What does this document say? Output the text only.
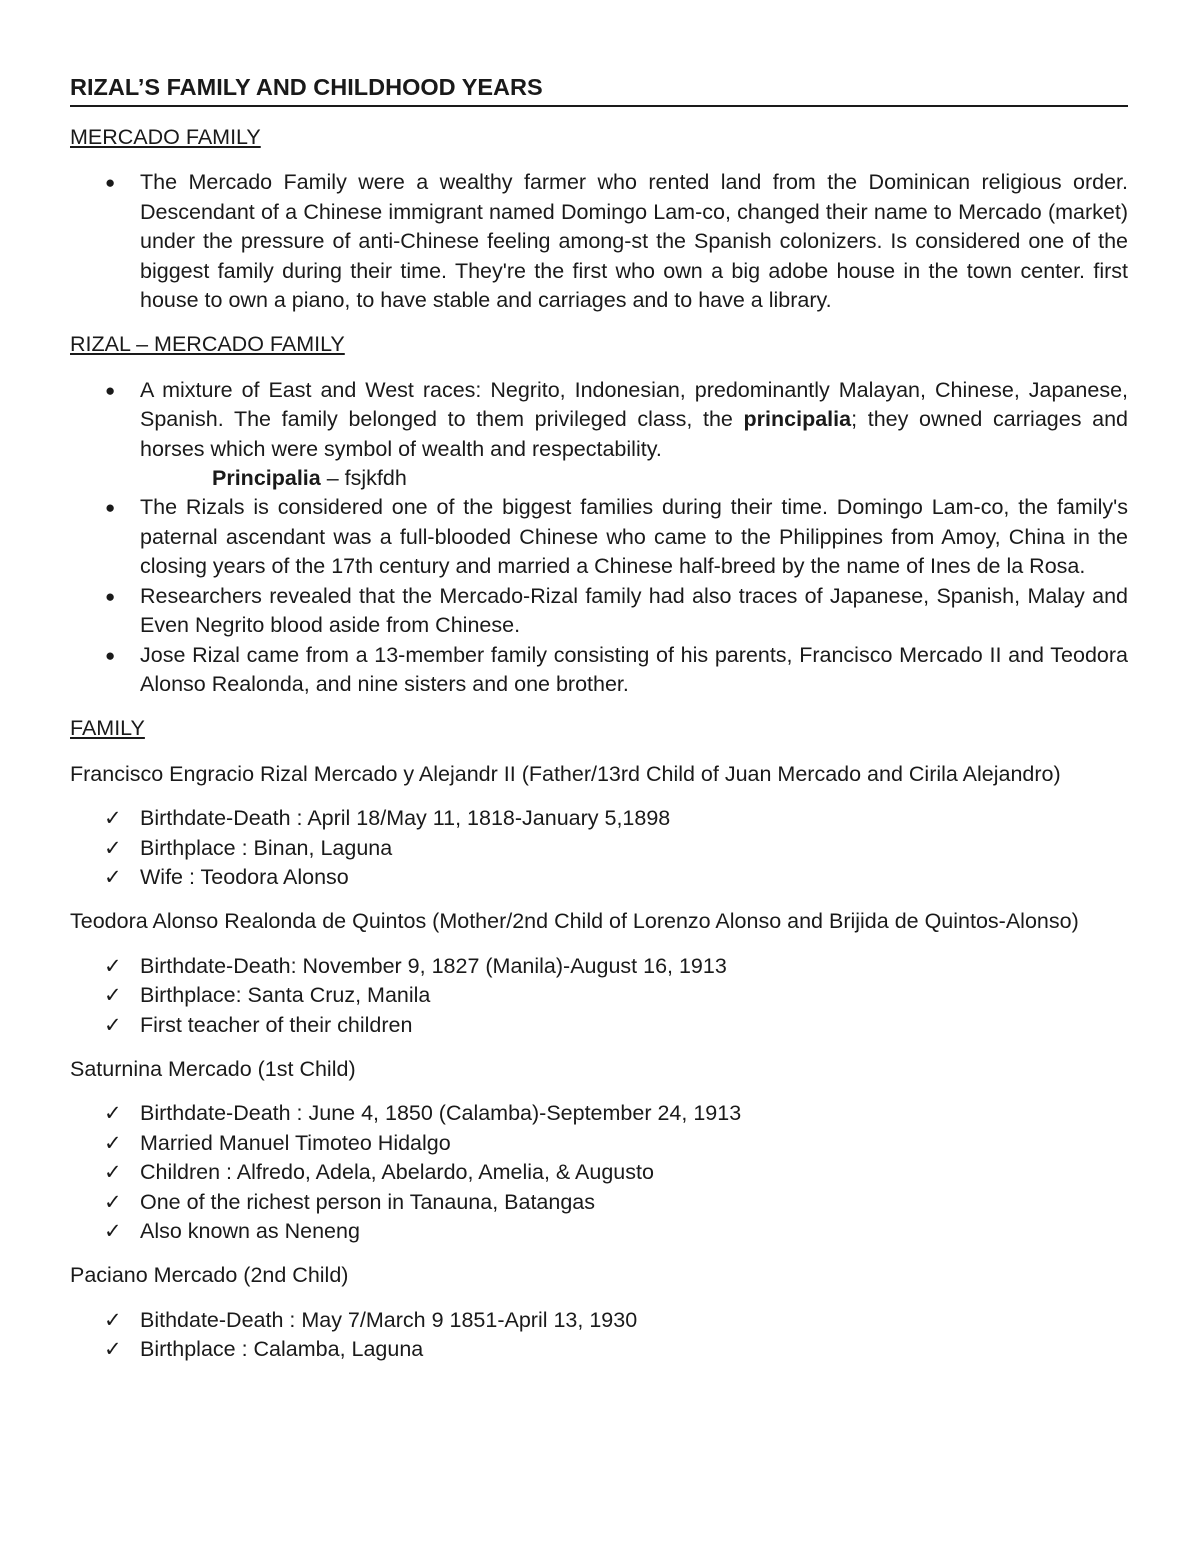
RIZAL’S FAMILY AND CHILDHOOD YEARS
MERCADO FAMILY
● The Mercado Family were a wealthy farmer who rented land from the Dominican religious order. Descendant of a Chinese immigrant named Domingo Lam-co, changed their name to Mercado (market) under the pressure of anti-Chinese feeling among-st the Spanish colonizers. Is considered one of the biggest family during their time. They're the first who own a big adobe house in the town center. first house to own a piano, to have stable and carriages and to have a library.
RIZAL – MERCADO FAMILY
● A mixture of East and West races: Negrito, Indonesian, predominantly Malayan, Chinese, Japanese, Spanish. The family belonged to them privileged class, the principalia; they owned carriages and horses which were symbol of wealth and respectability.
Principalia – fsjkfdh
● The Rizals is considered one of the biggest families during their time. Domingo Lam-co, the family's paternal ascendant was a full-blooded Chinese who came to the Philippines from Amoy, China in the closing years of the 17th century and married a Chinese half-breed by the name of Ines de la Rosa.
● Researchers revealed that the Mercado-Rizal family had also traces of Japanese, Spanish, Malay and Even Negrito blood aside from Chinese.
● Jose Rizal came from a 13-member family consisting of his parents, Francisco Mercado II and Teodora Alonso Realonda, and nine sisters and one brother.
FAMILY
Francisco Engracio Rizal Mercado y Alejandr II (Father/13rd Child of Juan Mercado and Cirila Alejandro)
✓ Birthdate-Death : April 18/May 11, 1818-January 5,1898
✓ Birthplace : Binan, Laguna
✓ Wife : Teodora Alonso
Teodora Alonso Realonda de Quintos (Mother/2nd Child of Lorenzo Alonso and Brijida de Quintos-Alonso)
✓ Birthdate-Death: November 9, 1827 (Manila)-August 16, 1913
✓ Birthplace: Santa Cruz, Manila
✓ First teacher of their children
Saturnina Mercado (1st Child)
✓ Birthdate-Death : June 4, 1850 (Calamba)-September 24, 1913
✓ Married Manuel Timoteo Hidalgo
✓ Children : Alfredo, Adela, Abelardo, Amelia, & Augusto
✓ One of the richest person in Tanauna, Batangas
✓ Also known as Neneng
Paciano Mercado (2nd Child)
✓ Bithdate-Death : May 7/March 9 1851-April 13, 1930
✓ Birthplace : Calamba, Laguna
